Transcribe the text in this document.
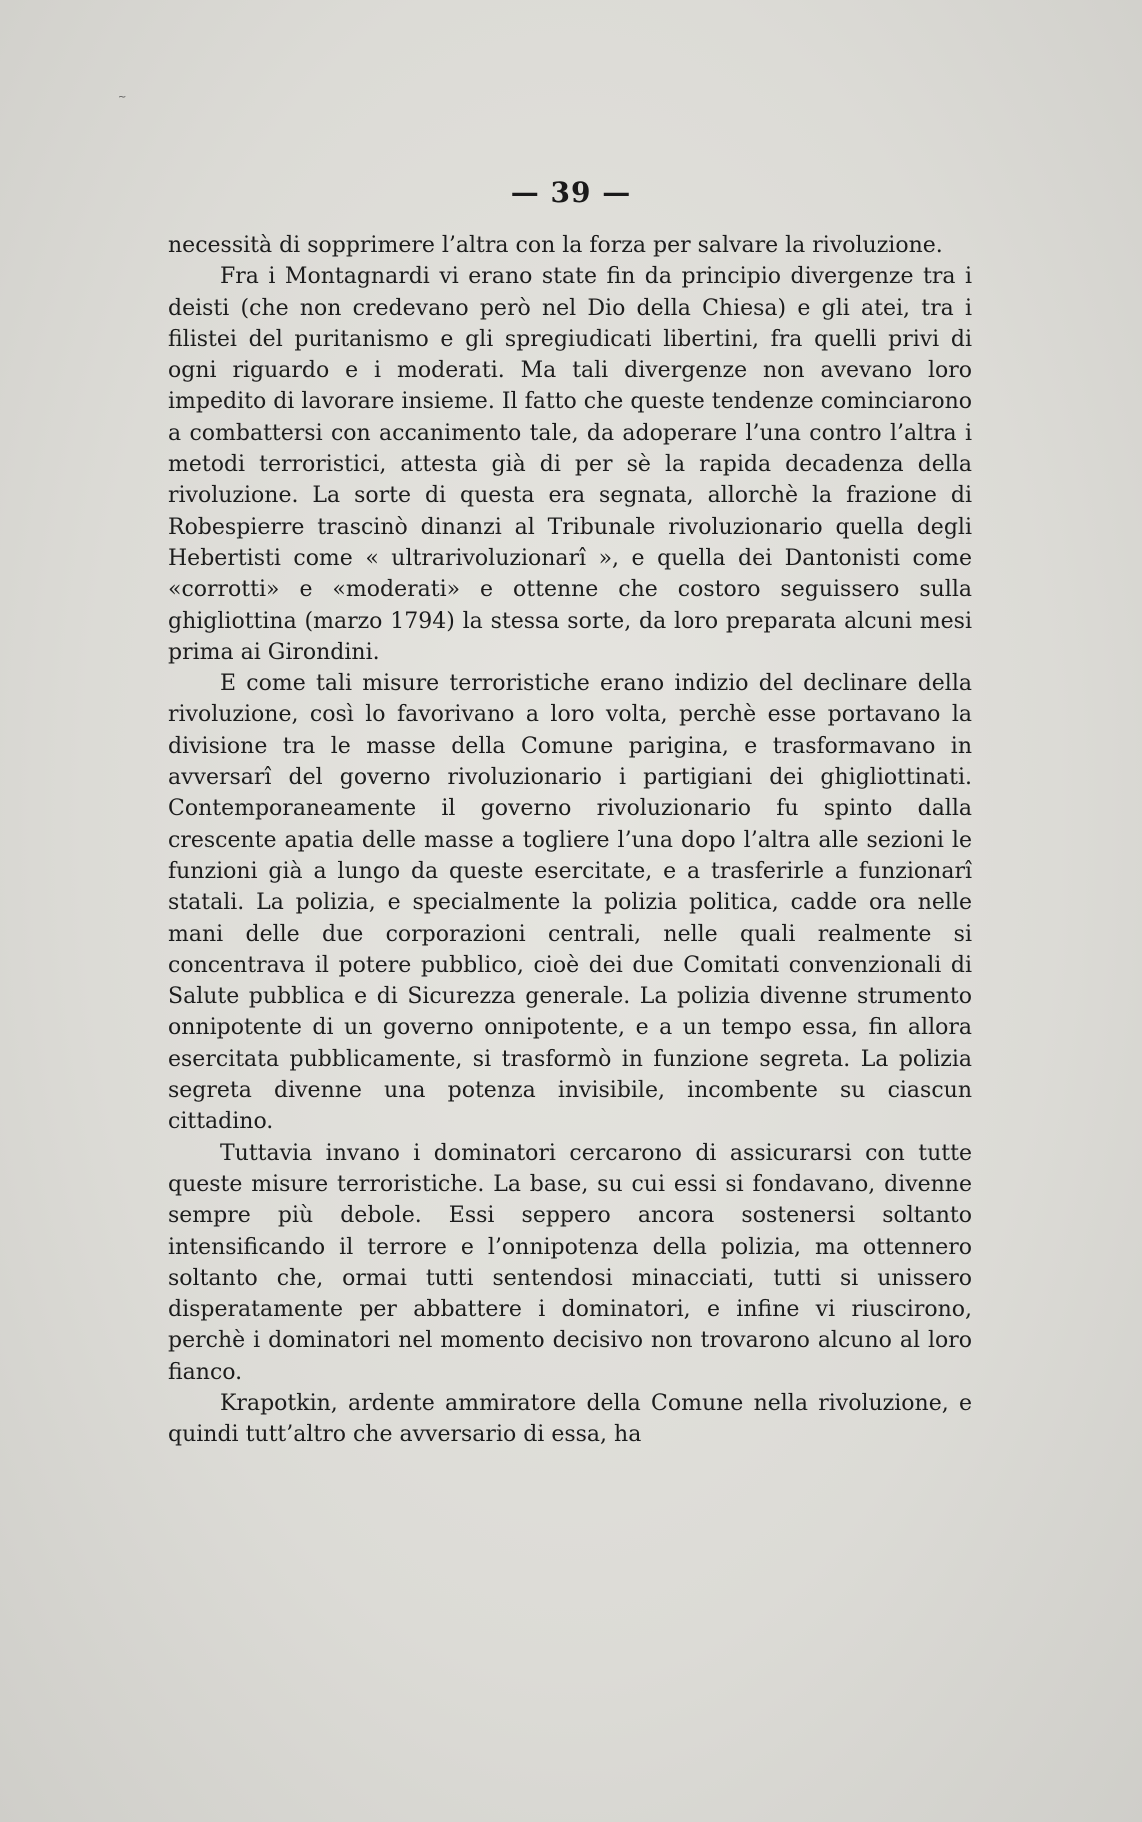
~
— 39 —

necessità di sopprimere l’altra con la forza per salvare la rivoluzione.

Fra i Montagnardi vi erano state fin da principio divergenze tra i deisti (che non credevano però nel Dio della Chiesa) e gli atei, tra i filistei del puritanismo e gli spregiudicati libertini, fra quelli privi di ogni riguardo e i moderati. Ma tali divergenze non avevano loro impedito di lavorare insieme. Il fatto che queste tendenze cominciarono a combattersi con accanimento tale, da adoperare l’una contro l’altra i metodi terroristici, attesta già di per sè la rapida decadenza della rivoluzione. La sorte di questa era segnata, allorchè la frazione di Robespierre trascinò dinanzi al Tribunale rivoluzionario quella degli Hebertisti come « ultrarivoluzionarî », e quella dei Dantonisti come «corrotti» e «moderati» e ottenne che costoro seguissero sulla ghigliottina (marzo 1794) la stessa sorte, da loro preparata alcuni mesi prima ai Girondini.

E come tali misure terroristiche erano indizio del declinare della rivoluzione, così lo favorivano a loro volta, perchè esse portavano la divisione tra le masse della Comune parigina, e trasformavano in avversarî del governo rivoluzionario i partigiani dei ghigliottinati. Contemporaneamente il governo rivoluzionario fu spinto dalla crescente apatia delle masse a togliere l’una dopo l’altra alle sezioni le funzioni già a lungo da queste esercitate, e a trasferirle a funzionarî statali. La polizia, e specialmente la polizia politica, cadde ora nelle mani delle due corporazioni centrali, nelle quali realmente si concentrava il potere pubblico, cioè dei due Comitati convenzionali di Salute pubblica e di Sicurezza generale. La polizia divenne strumento onnipotente di un governo onnipotente, e a un tempo essa, fin allora esercitata pubblicamente, si trasformò in funzione segreta. La polizia segreta divenne una potenza invisibile, incombente su ciascun cittadino.

Tuttavia invano i dominatori cercarono di assicurarsi con tutte queste misure terroristiche. La base, su cui essi si fondavano, divenne sempre più debole. Essi seppero ancora sostenersi soltanto intensificando il terrore e l’onnipotenza della polizia, ma ottennero soltanto che, ormai tutti sentendosi minacciati, tutti si unissero disperatamente per abbattere i dominatori, e infine vi riuscirono, perchè i dominatori nel momento decisivo non trovarono alcuno al loro fianco.

Krapotkin, ardente ammiratore della Comune nella rivoluzione, e quindi tutt’altro che avversario di essa, ha
